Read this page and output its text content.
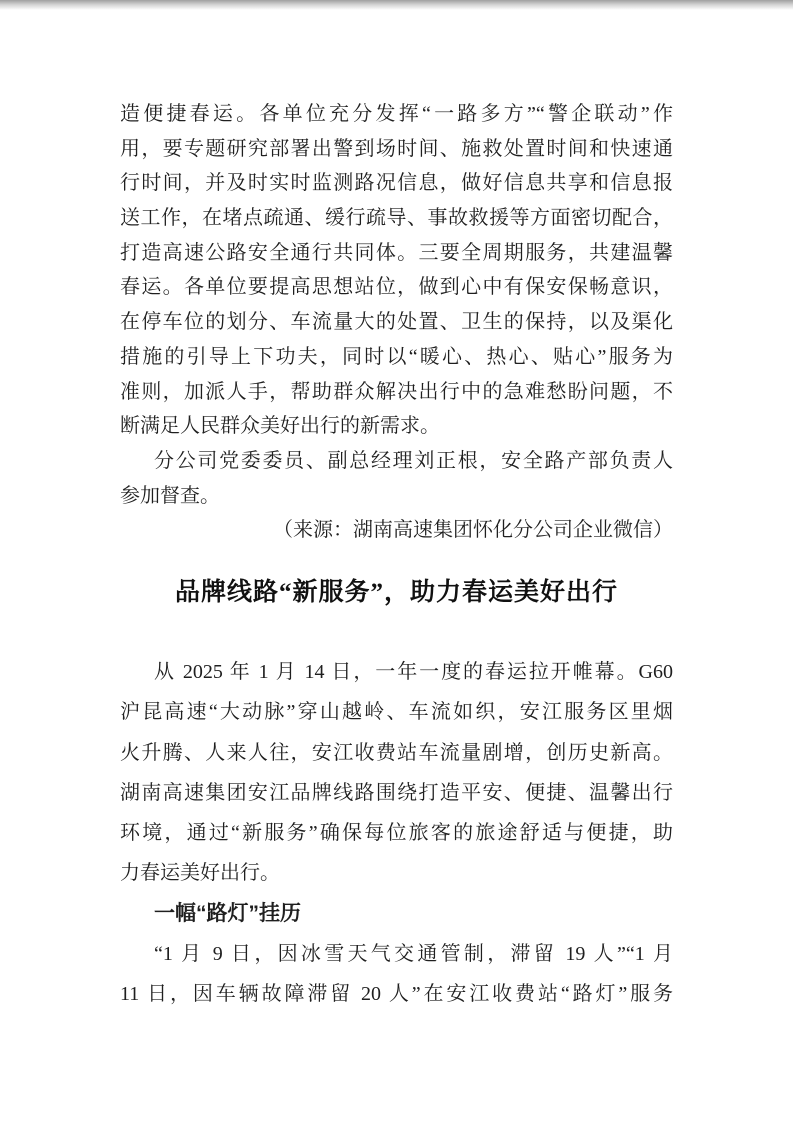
造便捷春运。各单位充分发挥“一路多方”“警企联动”作
用，要专题研究部署出警到场时间、施救处置时间和快速通
行时间，并及时实时监测路况信息，做好信息共享和信息报
送工作，在堵点疏通、缓行疏导、事故救援等方面密切配合，
打造高速公路安全通行共同体。三要全周期服务，共建温馨
春运。各单位要提高思想站位，做到心中有保安保畅意识，
在停车位的划分、车流量大的处置、卫生的保持，以及渠化
措施的引导上下功夫，同时以“暖心、热心、贴心”服务为
准则，加派人手，帮助群众解决出行中的急难愁盼问题，不
断满足人民群众美好出行的新需求。
分公司党委委员、副总经理刘正根，安全路产部负责人
参加督查。
（来源：湖南高速集团怀化分公司企业微信）
品牌线路“新服务”，助力春运美好出行
从 2025 年 1 月 14 日，一年一度的春运拉开帷幕。G60
沪昆高速“大动脉”穿山越岭、车流如织，安江服务区里烟
火升腾、人来人往，安江收费站车流量剧增，创历史新高。
湖南高速集团安江品牌线路围绕打造平安、便捷、温馨出行
环境，通过“新服务”确保每位旅客的旅途舒适与便捷，助
力春运美好出行。
一幅“路灯”挂历
“1 月 9 日，因冰雪天气交通管制，滞留 19 人”“1 月
11 日，因车辆故障滞留 20 人”在安江收费站“路灯”服务
